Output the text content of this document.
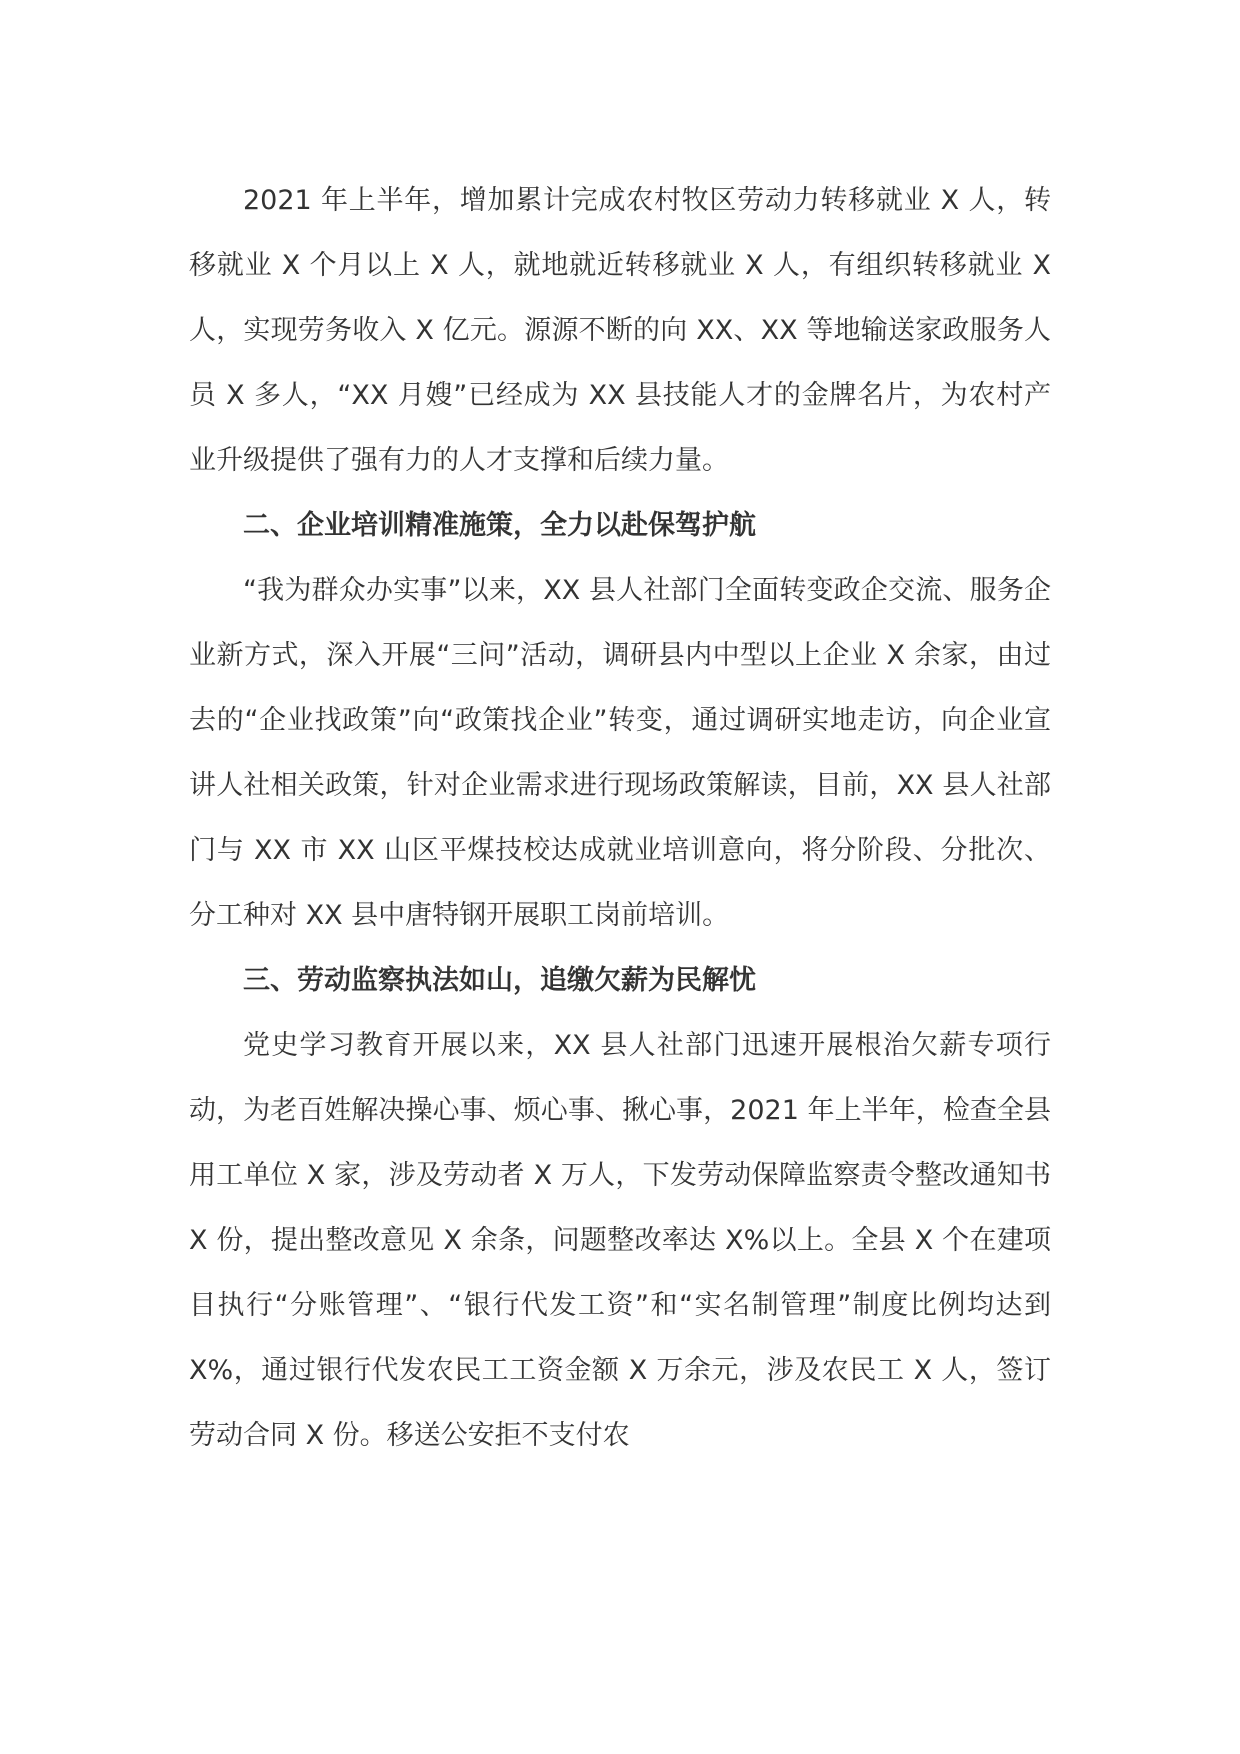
2021 年上半年，增加累计完成农村牧区劳动力转移就业 X 人，转移就业 X 个月以上 X 人，就地就近转移就业 X 人，有组织转移就业 X 人，实现劳务收入 X 亿元。源源不断的向 XX、XX 等地输送家政服务人员 X 多人，“XX 月嫂”已经成为 XX 县技能人才的金牌名片，为农村产业升级提供了强有力的人才支撑和后续力量。

二、企业培训精准施策，全力以赴保驾护航

“我为群众办实事”以来，XX 县人社部门全面转变政企交流、服务企业新方式，深入开展“三问”活动，调研县内中型以上企业 X 余家，由过去的“企业找政策”向“政策找企业”转变，通过调研实地走访，向企业宣讲人社相关政策，针对企业需求进行现场政策解读，目前，XX 县人社部门与 XX 市 XX 山区平煤技校达成就业培训意向，将分阶段、分批次、分工种对 XX 县中唐特钢开展职工岗前培训。

三、劳动监察执法如山，追缴欠薪为民解忧

党史学习教育开展以来，XX 县人社部门迅速开展根治欠薪专项行动，为老百姓解决操心事、烦心事、揪心事，2021 年上半年，检查全县用工单位 X 家，涉及劳动者 X 万人，下发劳动保障监察责令整改通知书 X 份，提出整改意见 X 余条，问题整改率达 X%以上。全县 X 个在建项目执行“分账管理”、“银行代发工资”和“实名制管理”制度比例均达到 X%，通过银行代发农民工工资金额 X 万余元，涉及农民工 X 人，签订劳动合同 X 份。移送公安拒不支付农
